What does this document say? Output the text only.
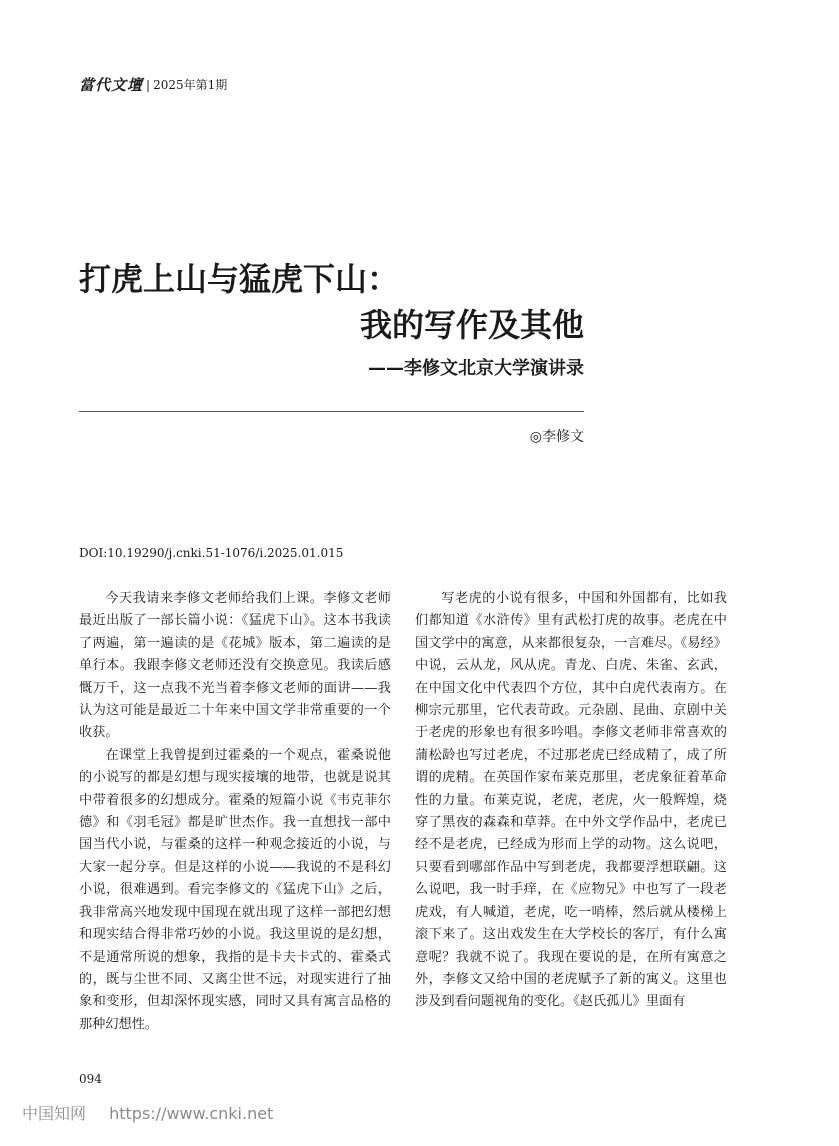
當代文壇 | 2025年第1期
打虎上山与猛虎下山：
我的写作及其他
——李修文北京大学演讲录
◎李修文
DOI:10.19290/j.cnki.51-1076/i.2025.01.015

今天我请来李修文老师给我们上课。李修文老师最近出版了一部长篇小说：《猛虎下山》。这本书我读了两遍，第一遍读的是《花城》版本，第二遍读的是单行本。我跟李修文老师还没有交换意见。我读后感慨万千，这一点我不光当着李修文老师的面讲——我认为这可能是最近二十年来中国文学非常重要的一个收获。

在课堂上我曾提到过霍桑的一个观点，霍桑说他的小说写的都是幻想与现实接壤的地带，也就是说其中带着很多的幻想成分。霍桑的短篇小说《韦克菲尔德》和《羽毛冠》都是旷世杰作。我一直想找一部中国当代小说，与霍桑的这样一种观念接近的小说，与大家一起分享。但是这样的小说——我说的不是科幻小说，很难遇到。看完李修文的《猛虎下山》之后，我非常高兴地发现中国现在就出现了这样一部把幻想和现实结合得非常巧妙的小说。我这里说的是幻想，不是通常所说的想象，我指的是卡夫卡式的、霍桑式的，既与尘世不同、又离尘世不远，对现实进行了抽象和变形，但却深怀现实感，同时又具有寓言品格的那种幻想性。

写老虎的小说有很多，中国和外国都有，比如我们都知道《水浒传》里有武松打虎的故事。老虎在中国文学中的寓意，从来都很复杂，一言难尽。《易经》中说，云从龙，风从虎。青龙、白虎、朱雀、玄武，在中国文化中代表四个方位，其中白虎代表南方。在柳宗元那里，它代表苛政。元杂剧、昆曲、京剧中关于老虎的形象也有很多吟唱。李修文老师非常喜欢的蒲松龄也写过老虎，不过那老虎已经成精了，成了所谓的虎精。在英国作家布莱克那里，老虎象征着革命性的力量。布莱克说，老虎，老虎，火一般辉煌，烧穿了黑夜的森森和草莽。在中外文学作品中，老虎已经不是老虎，已经成为形而上学的动物。这么说吧，只要看到哪部作品中写到老虎，我都要浮想联翩。这么说吧，我一时手痒，在《应物兄》中也写了一段老虎戏，有人喊道，老虎，吃一哨棒，然后就从楼梯上滚下来了。这出戏发生在大学校长的客厅，有什么寓意呢？我就不说了。我现在要说的是，在所有寓意之外，李修文又给中国的老虎赋予了新的寓义。这里也涉及到看问题视角的变化。《赵氏孤儿》里面有

094
中国知网 https://www.cnki.net
